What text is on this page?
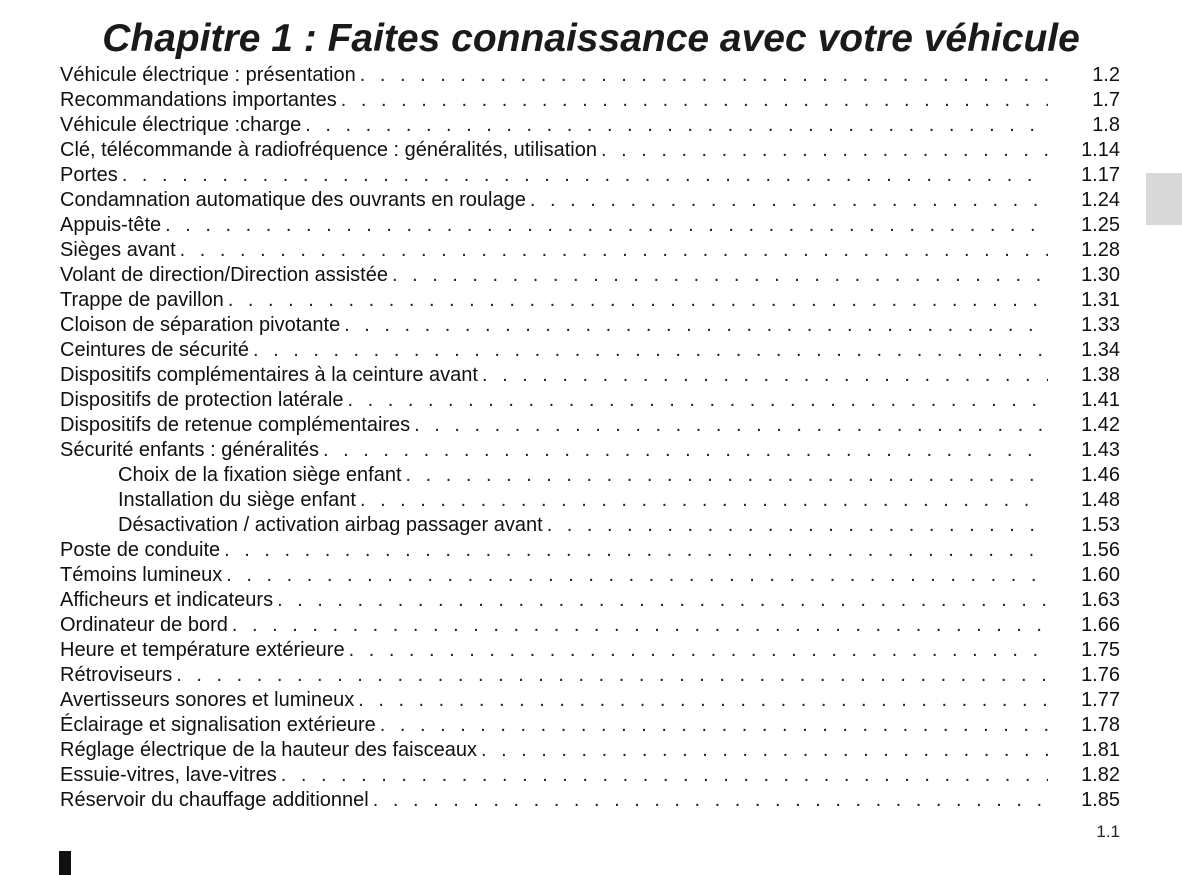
Chapitre 1 : Faites connaissance avec votre véhicule
Véhicule électrique : présentation . . .	1.2
Recommandations importantes . . .	1.7
Véhicule électrique :charge . . .	1.8
Clé, télécommande à radiofréquence : généralités, utilisation . . .	1.14
Portes . . .	1.17
Condamnation automatique des ouvrants en roulage . . .	1.24
Appuis-tête . . .	1.25
Sièges avant . . .	1.28
Volant de direction/Direction assistée . . .	1.30
Trappe de pavillon . . .	1.31
Cloison de séparation pivotante . . .	1.33
Ceintures de sécurité . . .	1.34
Dispositifs complémentaires à la ceinture avant . . .	1.38
Dispositifs de protection latérale . . .	1.41
Dispositifs de retenue complémentaires . . .	1.42
Sécurité enfants : généralités . . .	1.43
Choix de la fixation siège enfant . . .	1.46
Installation du siège enfant . . .	1.48
Désactivation / activation airbag passager avant . . .	1.53
Poste de conduite . . .	1.56
Témoins lumineux . . .	1.60
Afficheurs et indicateurs . . .	1.63
Ordinateur de bord . . .	1.66
Heure et température extérieure . . .	1.75
Rétroviseurs . . .	1.76
Avertisseurs sonores et lumineux . . .	1.77
Éclairage et signalisation extérieure . . .	1.78
Réglage électrique de la hauteur des faisceaux . . .	1.81
Essuie-vitres, lave-vitres . . .	1.82
Réservoir du chauffage additionnel . . .	1.85
1.1
